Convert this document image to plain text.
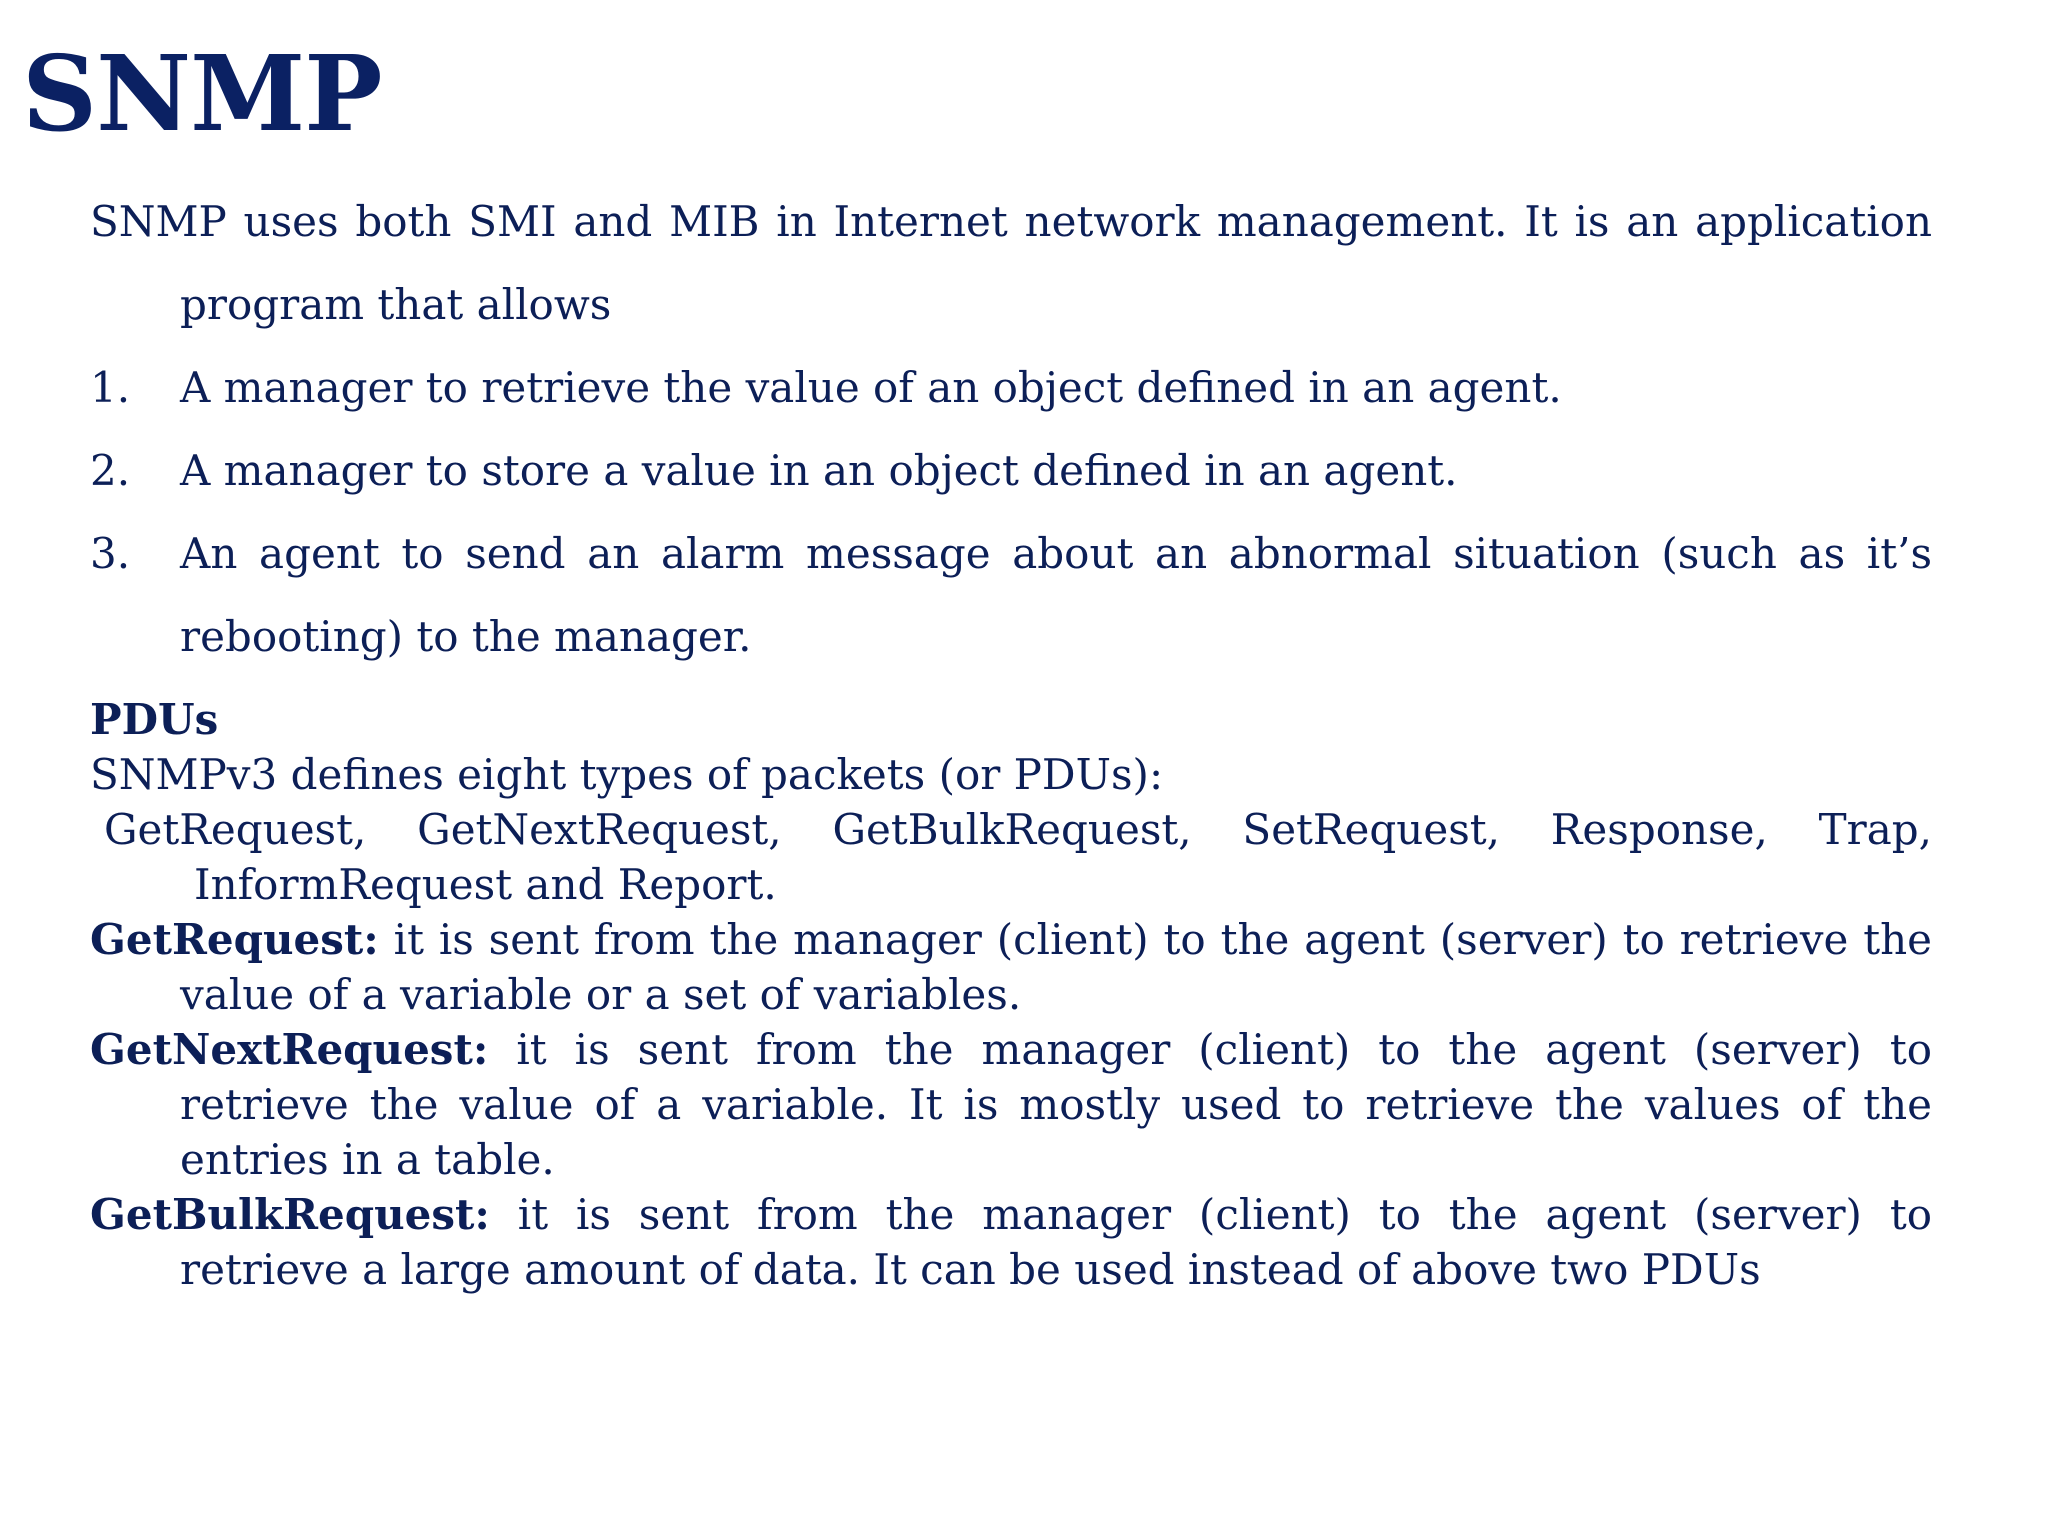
SNMP

SNMP uses both SMI and MIB in Internet network management. It is an application program that allows

1. A manager to retrieve the value of an object defined in an agent.
2. A manager to store a value in an object defined in an agent.
3. An agent to send an alarm message about an abnormal situation (such as it’s rebooting) to the manager.

PDUs

SNMPv3 defines eight types of packets (or PDUs):

GetRequest, GetNextRequest, GetBulkRequest, SetRequest, Response, Trap, InformRequest and Report.

GetRequest: it is sent from the manager (client) to the agent (server) to retrieve the value of a variable or a set of variables.

GetNextRequest: it is sent from the manager (client) to the agent (server) to retrieve the value of a variable. It is mostly used to retrieve the values of the entries in a table.

GetBulkRequest: it is sent from the manager (client) to the agent (server) to retrieve a large amount of data. It can be used instead of above two PDUs
